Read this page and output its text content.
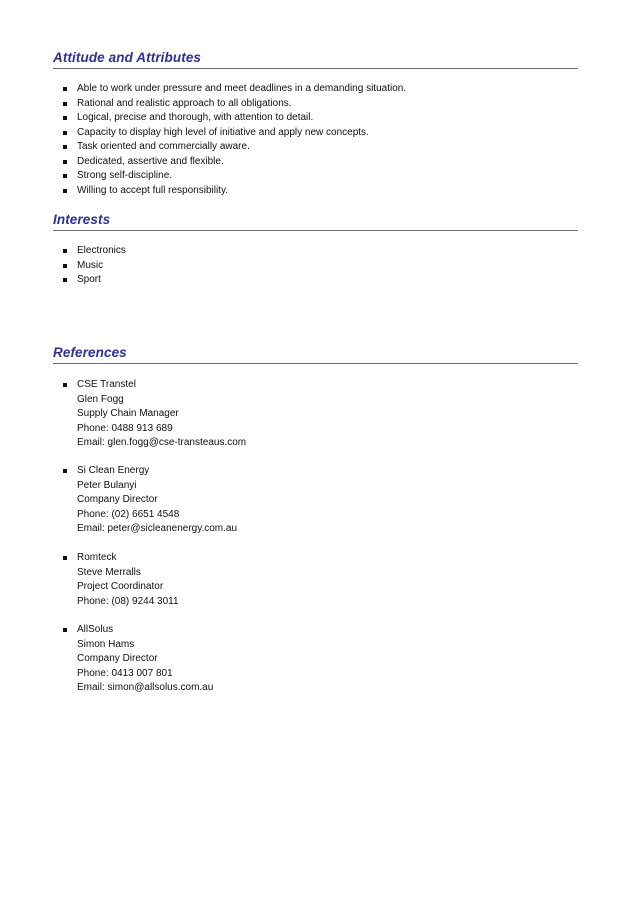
Attitude and Attributes
Able to work under pressure and meet deadlines in a demanding situation.
Rational and realistic approach to all obligations.
Logical, precise and thorough, with attention to detail.
Capacity to display high level of initiative and apply new concepts.
Task oriented and commercially aware.
Dedicated, assertive and flexible.
Strong self-discipline.
Willing to accept full responsibility.
Interests
Electronics
Music
Sport
References
CSE Transtel
Glen Fogg
Supply Chain Manager
Phone: 0488 913 689
Email: glen.fogg@cse-transteaus.com
Si Clean Energy
Peter Bulanyi
Company Director
Phone: (02) 6651 4548
Email: peter@sicleanenergy.com.au
Romteck
Steve Merralls
Project Coordinator
Phone: (08) 9244 3011
AllSolus
Simon Hams
Company Director
Phone: 0413 007 801
Email: simon@allsolus.com.au
